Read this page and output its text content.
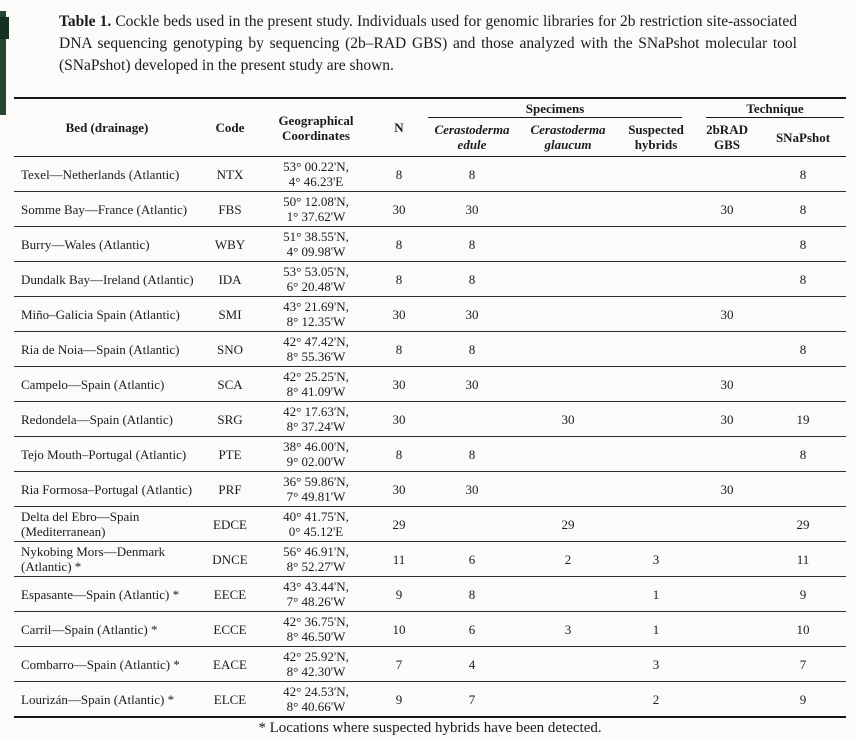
Table 1. Cockle beds used in the present study. Individuals used for genomic libraries for 2b restriction site-associated DNA sequencing genotyping by sequencing (2b–RAD GBS) and those analyzed with the SNaPshot molecular tool (SNaPshot) developed in the present study are shown.

Bed (drainage)	Code	Geographical Coordinates	N	Specimens			Technique	

				Cerastoderma edule	Cerastoderma glaucum	Suspected hybrids	2bRAD GBS	SNaPshot
Texel—Netherlands (Atlantic)	NTX	53° 00.22'N,
4° 46.23'E	8	8				8
Somme Bay—France (Atlantic)	FBS	50° 12.08'N,
1° 37.62'W	30	30			30	8
Burry—Wales (Atlantic)	WBY	51° 38.55'N,
4° 09.98'W	8	8				8
Dundalk Bay—Ireland (Atlantic)	IDA	53° 53.05'N,
6° 20.48'W	8	8				8
Miño–Galicia Spain (Atlantic)	SMI	43° 21.69'N,
8° 12.35'W	30	30			30	
Ria de Noia—Spain (Atlantic)	SNO	42° 47.42'N,
8° 55.36'W	8	8				8
Campelo—Spain (Atlantic)	SCA	42° 25.25'N,
8° 41.09'W	30	30			30	
Redondela—Spain (Atlantic)	SRG	42° 17.63'N,
8° 37.24'W	30		30		30	19
Tejo Mouth–Portugal (Atlantic)	PTE	38° 46.00'N,
9° 02.00'W	8	8				8
Ria Formosa–Portugal (Atlantic)	PRF	36° 59.86'N,
7° 49.81'W	30	30			30	
Delta del Ebro—Spain (Mediterranean)	EDCE	40° 41.75'N,
0° 45.12'E	29		29			29
Nykobing Mors—Denmark (Atlantic) *	DNCE	56° 46.91'N,
8° 52.27'W	11	6	2	3		11
Espasante—Spain (Atlantic) *	EECE	43° 43.44'N,
7° 48.26'W	9	8		1		9
Carril—Spain (Atlantic) *	ECCE	42° 36.75'N,
8° 46.50'W	10	6	3	1		10
Combarro—Spain (Atlantic) *	EACE	42° 25.92'N,
8° 42.30'W	7	4		3		7
Lourizán—Spain (Atlantic) *	ELCE	42° 24.53'N,
8° 40.66'W	9	7		2		9

* Locations where suspected hybrids have been detected.
